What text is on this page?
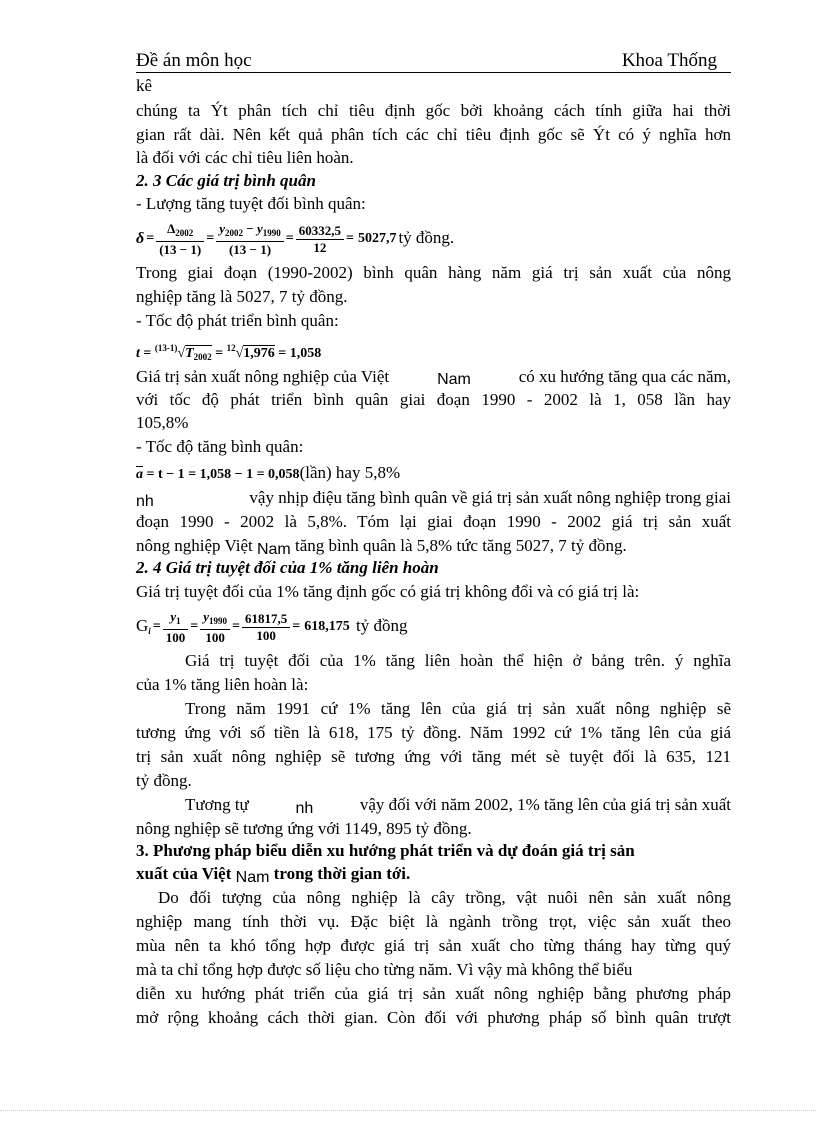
Đề án môn học	Khoa Thống
kê
chúng ta Ýt phân tích chỉ tiêu định gốc bởi khoảng cách tính giữa hai thời
gian rất dài. Nên kết quả phân tích các chỉ tiêu định gốc sẽ Ýt có ý nghĩa hơn
là đối với các chỉ tiêu liên hoàn.
2. 3 Các giá trị bình quân
- Lượng tăng tuyệt đối bình quân:
$\delta = \frac{\Delta_{2002}}{(13 - 1)} = \frac{y_{2002} - y_{1990}}{(13 - 1)} = \frac{60332,5}{12} = 5027,7$ tỷ đồng.
Trong giai đoạn (1990-2002) bình quân hàng năm giá trị sản xuất của nông
nghiệp tăng là 5027, 7 tỷ đồng.
- Tốc độ phát triển bình quân:
$t = ^{(13-1)}√T_{2002} = ^{12}√1,976 = 1,058$
Giá trị sản xuất nông nghiệp của Việt	Nam	có xu hướng tăng qua các năm,
với tốc độ phát triển bình quân giai đoạn 1990 - 2002 là 1, 058 lần hay
105,8%
- Tốc độ tăng bình quân:
$\overline{a} = t - 1 = 1,058 - 1$ = 0,058(lần) hay 5,8%
nh	vậy nhịp điệu tăng bình quân về giá trị sản xuất nông nghiệp trong giai
đoạn 1990 - 2002 là 5,8%. Tóm lại giai đoạn 1990 - 2002 giá trị sản xuất
nông nghiệp Việt Nam tăng bình quân là 5,8% tức tăng 5027, 7 tỷ đồng.
2. 4 Giá trị tuyệt đối của 1% tăng liên hoàn
Giá trị tuyệt đối của 1% tăng định gốc có giá trị không đổi và có giá trị là:
$G_i = \frac{y_1}{100} = \frac{y_{1990}}{100} = \frac{61817,5}{100} = 618,175$ tỷ đồng
Giá trị tuyệt đối của 1% tăng liên hoàn thể hiện ở bảng trên. ý nghĩa
của 1% tăng liên hoàn là:
Trong năm 1991 cứ 1% tăng lên của giá trị sản xuất nông nghiệp sẽ
tương ứng với số tiền là 618, 175 tỷ đồng. Năm 1992 cứ 1% tăng lên của giá
trị sản xuất nông nghiệp sẽ tương ứng với tăng mét sè tuyệt đối là 635, 121
tỷ đồng.
Tương tự	nh	vậy đối với năm 2002, 1% tăng lên của giá trị sản xuất
nông nghiệp sẽ tương ứng với 1149, 895 tỷ đồng.
3. Phương pháp biểu diễn xu hướng phát triển và dự đoán giá trị sản
xuất của Việt Nam trong thời gian tới.
Do đối tượng của nông nghiệp là cây trồng, vật nuôi nên sản xuất nông
nghiệp mang tính thời vụ. Đặc biệt là ngành trồng trọt, việc sản xuất theo
mùa nên ta khó tổng hợp được giá trị sản xuất cho từng tháng hay từng quý
mà ta chỉ tổng hợp được số liệu cho từng năm. Vì vậy mà không thể biểu
diễn xu hướng phát triển của giá trị sản xuất nông nghiệp bằng phương pháp
mở rộng khoảng cách thời gian. Còn đối với phương pháp số bình quân trượt
